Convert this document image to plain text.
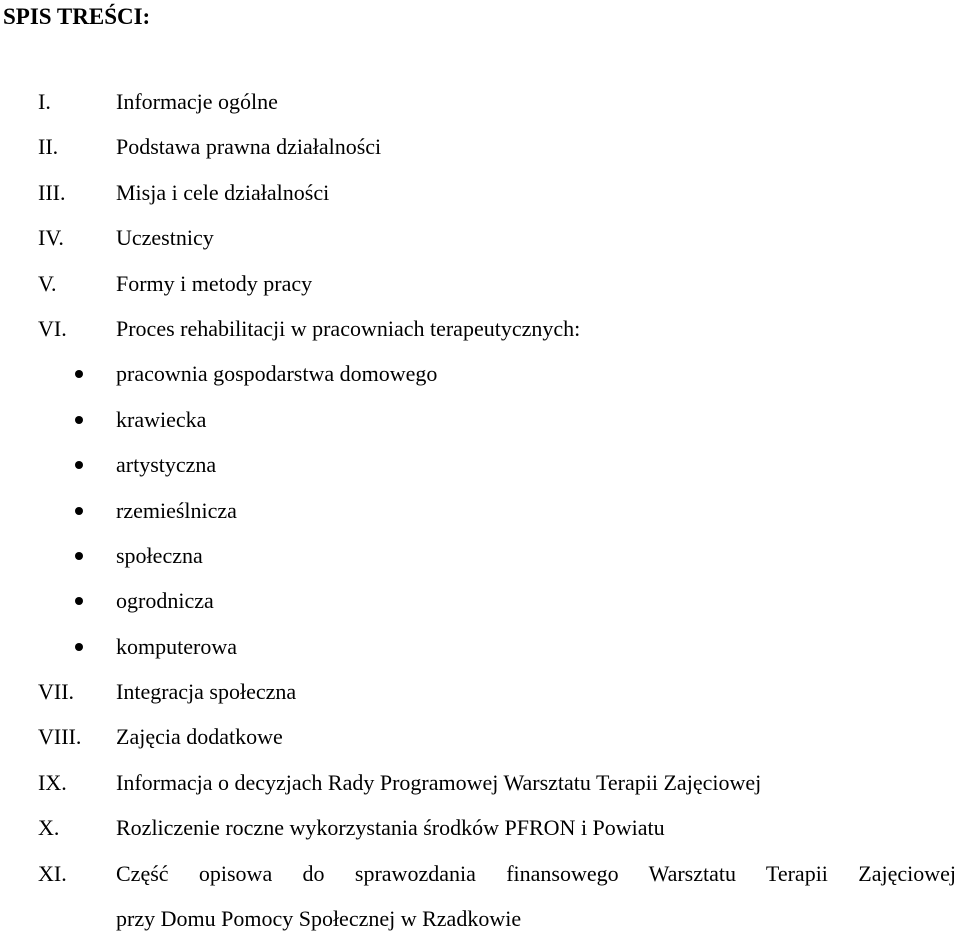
SPIS TREŚCI:
I.	Informacje ogólne
II.	Podstawa prawna działalności
III. Misja i cele działalności
IV. Uczestnicy
V.	Formy i metody pracy
VI. Proces rehabilitacji w pracowniach terapeutycznych:
pracownia gospodarstwa domowego
krawiecka
artystyczna
rzemieślnicza
społeczna
ogrodnicza
komputerowa
VII. Integracja społeczna
VIII. Zajęcia dodatkowe
IX. Informacja o decyzjach Rady Programowej Warsztatu Terapii Zajęciowej
X.	Rozliczenie roczne wykorzystania środków PFRON i Powiatu
XI. Część opisowa do sprawozdania finansowego Warsztatu Terapii Zajęciowej
przy Domu Pomocy Społecznej w Rzadkowie
